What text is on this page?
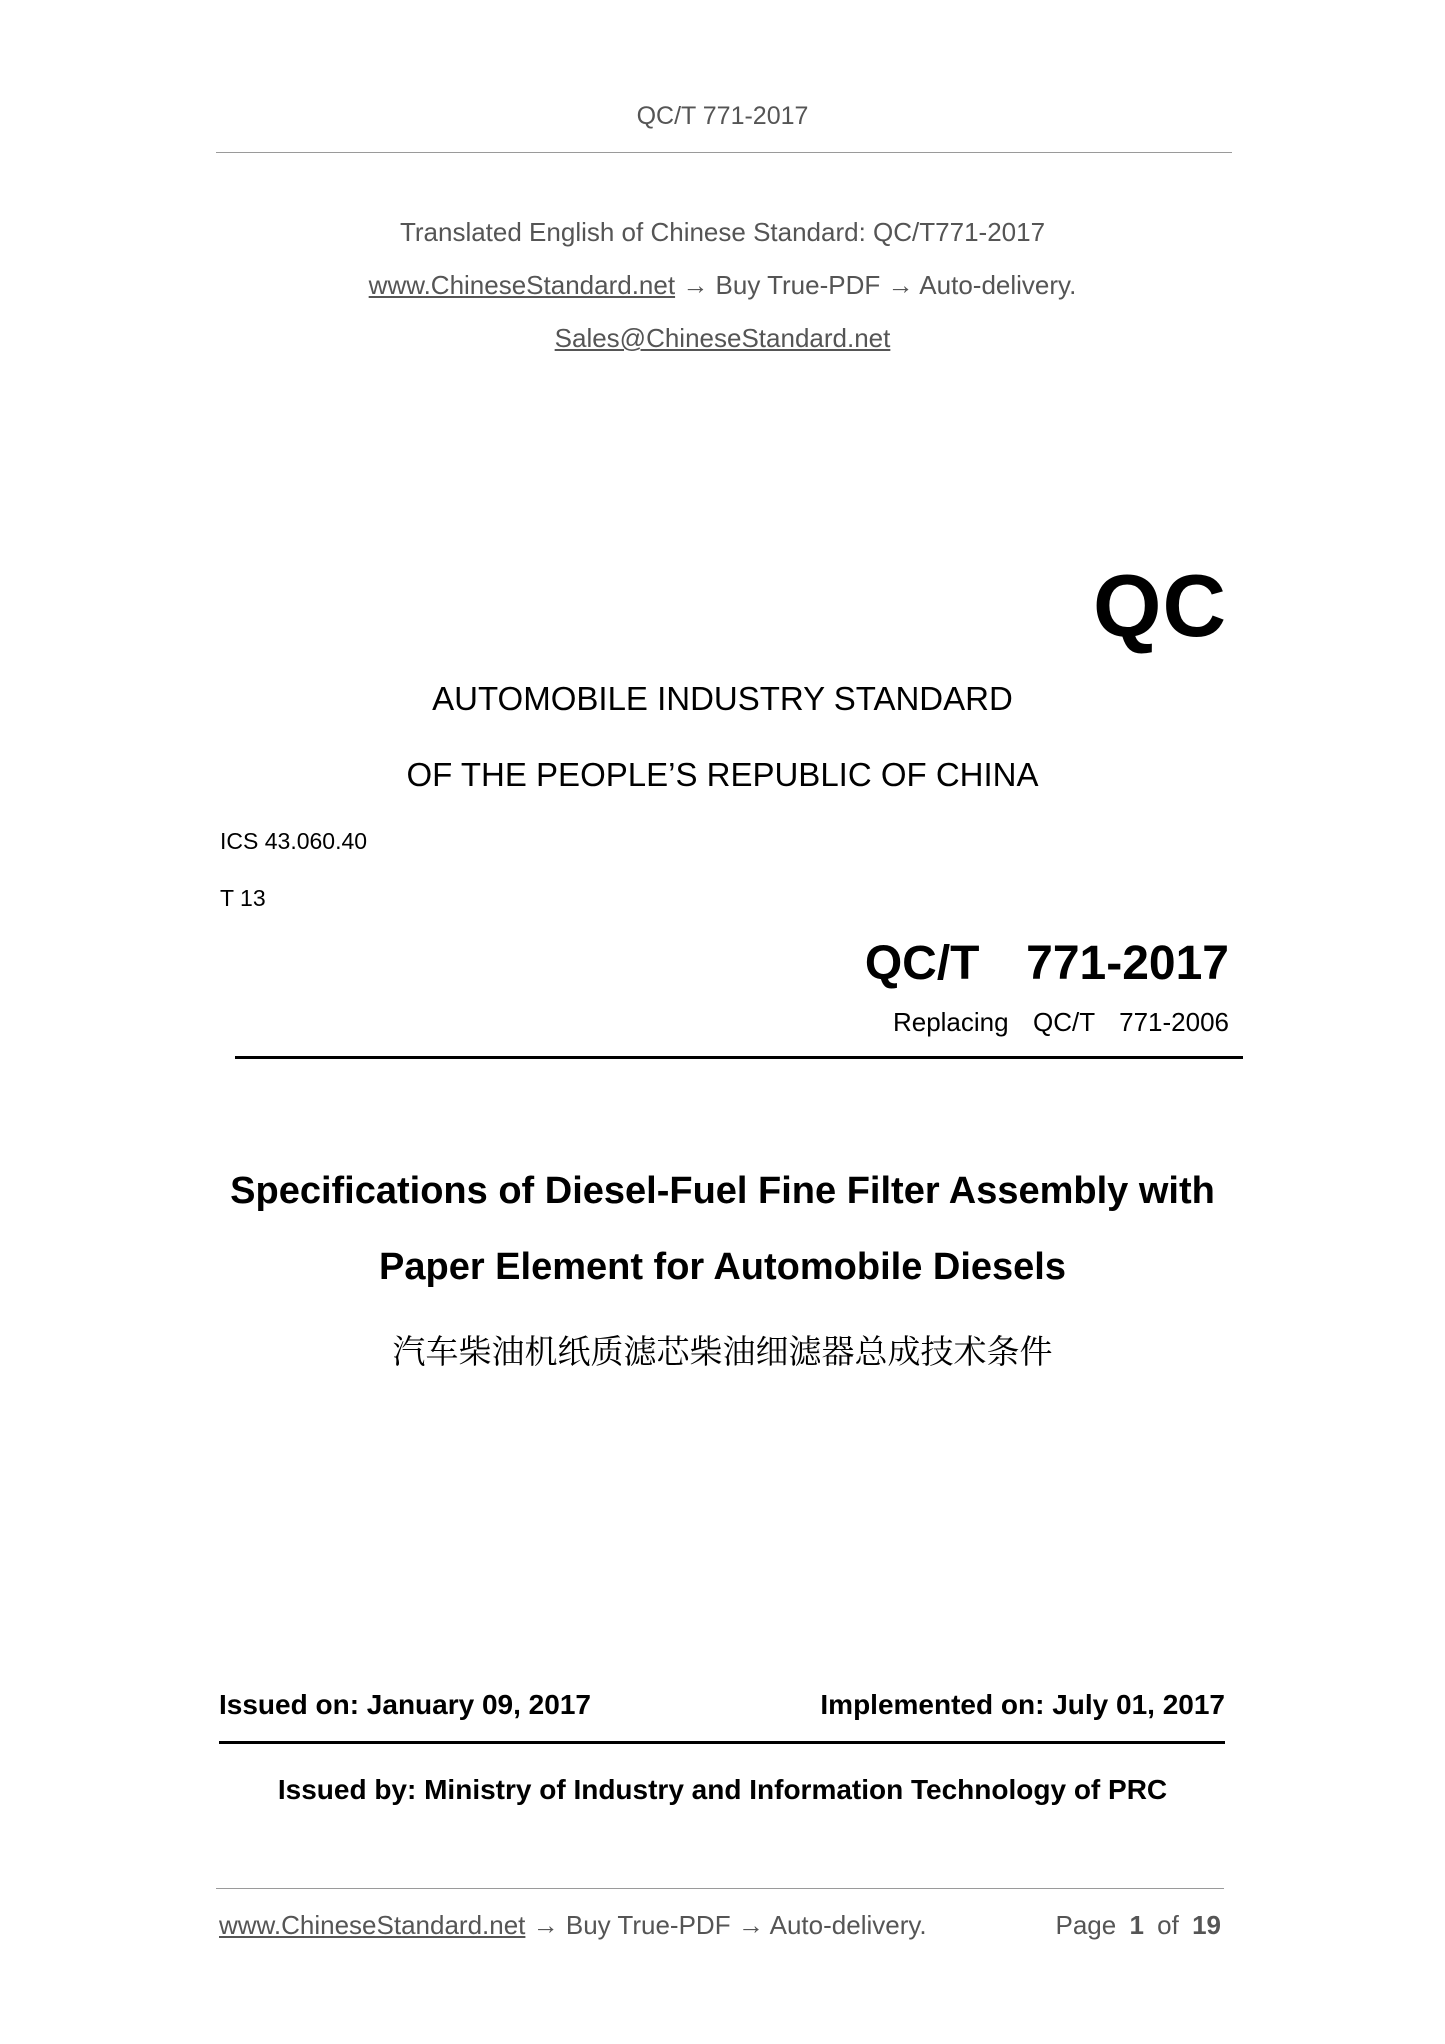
QC/T 771-2017
Translated English of Chinese Standard: QC/T771-2017
www.ChineseStandard.net → Buy True-PDF → Auto-delivery.
Sales@ChineseStandard.net
QC
AUTOMOBILE INDUSTRY STANDARD
OF THE PEOPLE’S REPUBLIC OF CHINA
ICS 43.060.40
T 13
QC/T  771-2017
Replacing  QC/T  771-2006
Specifications of Diesel-Fuel Fine Filter Assembly with
Paper Element for Automobile Diesels
汽车柴油机纸质滤芯柴油细滤器总成技术条件
Issued on: January 09, 2017	Implemented on: July 01, 2017
Issued by: Ministry of Industry and Information Technology of PRC
www.ChineseStandard.net → Buy True-PDF → Auto-delivery.	Page 1 of 19
